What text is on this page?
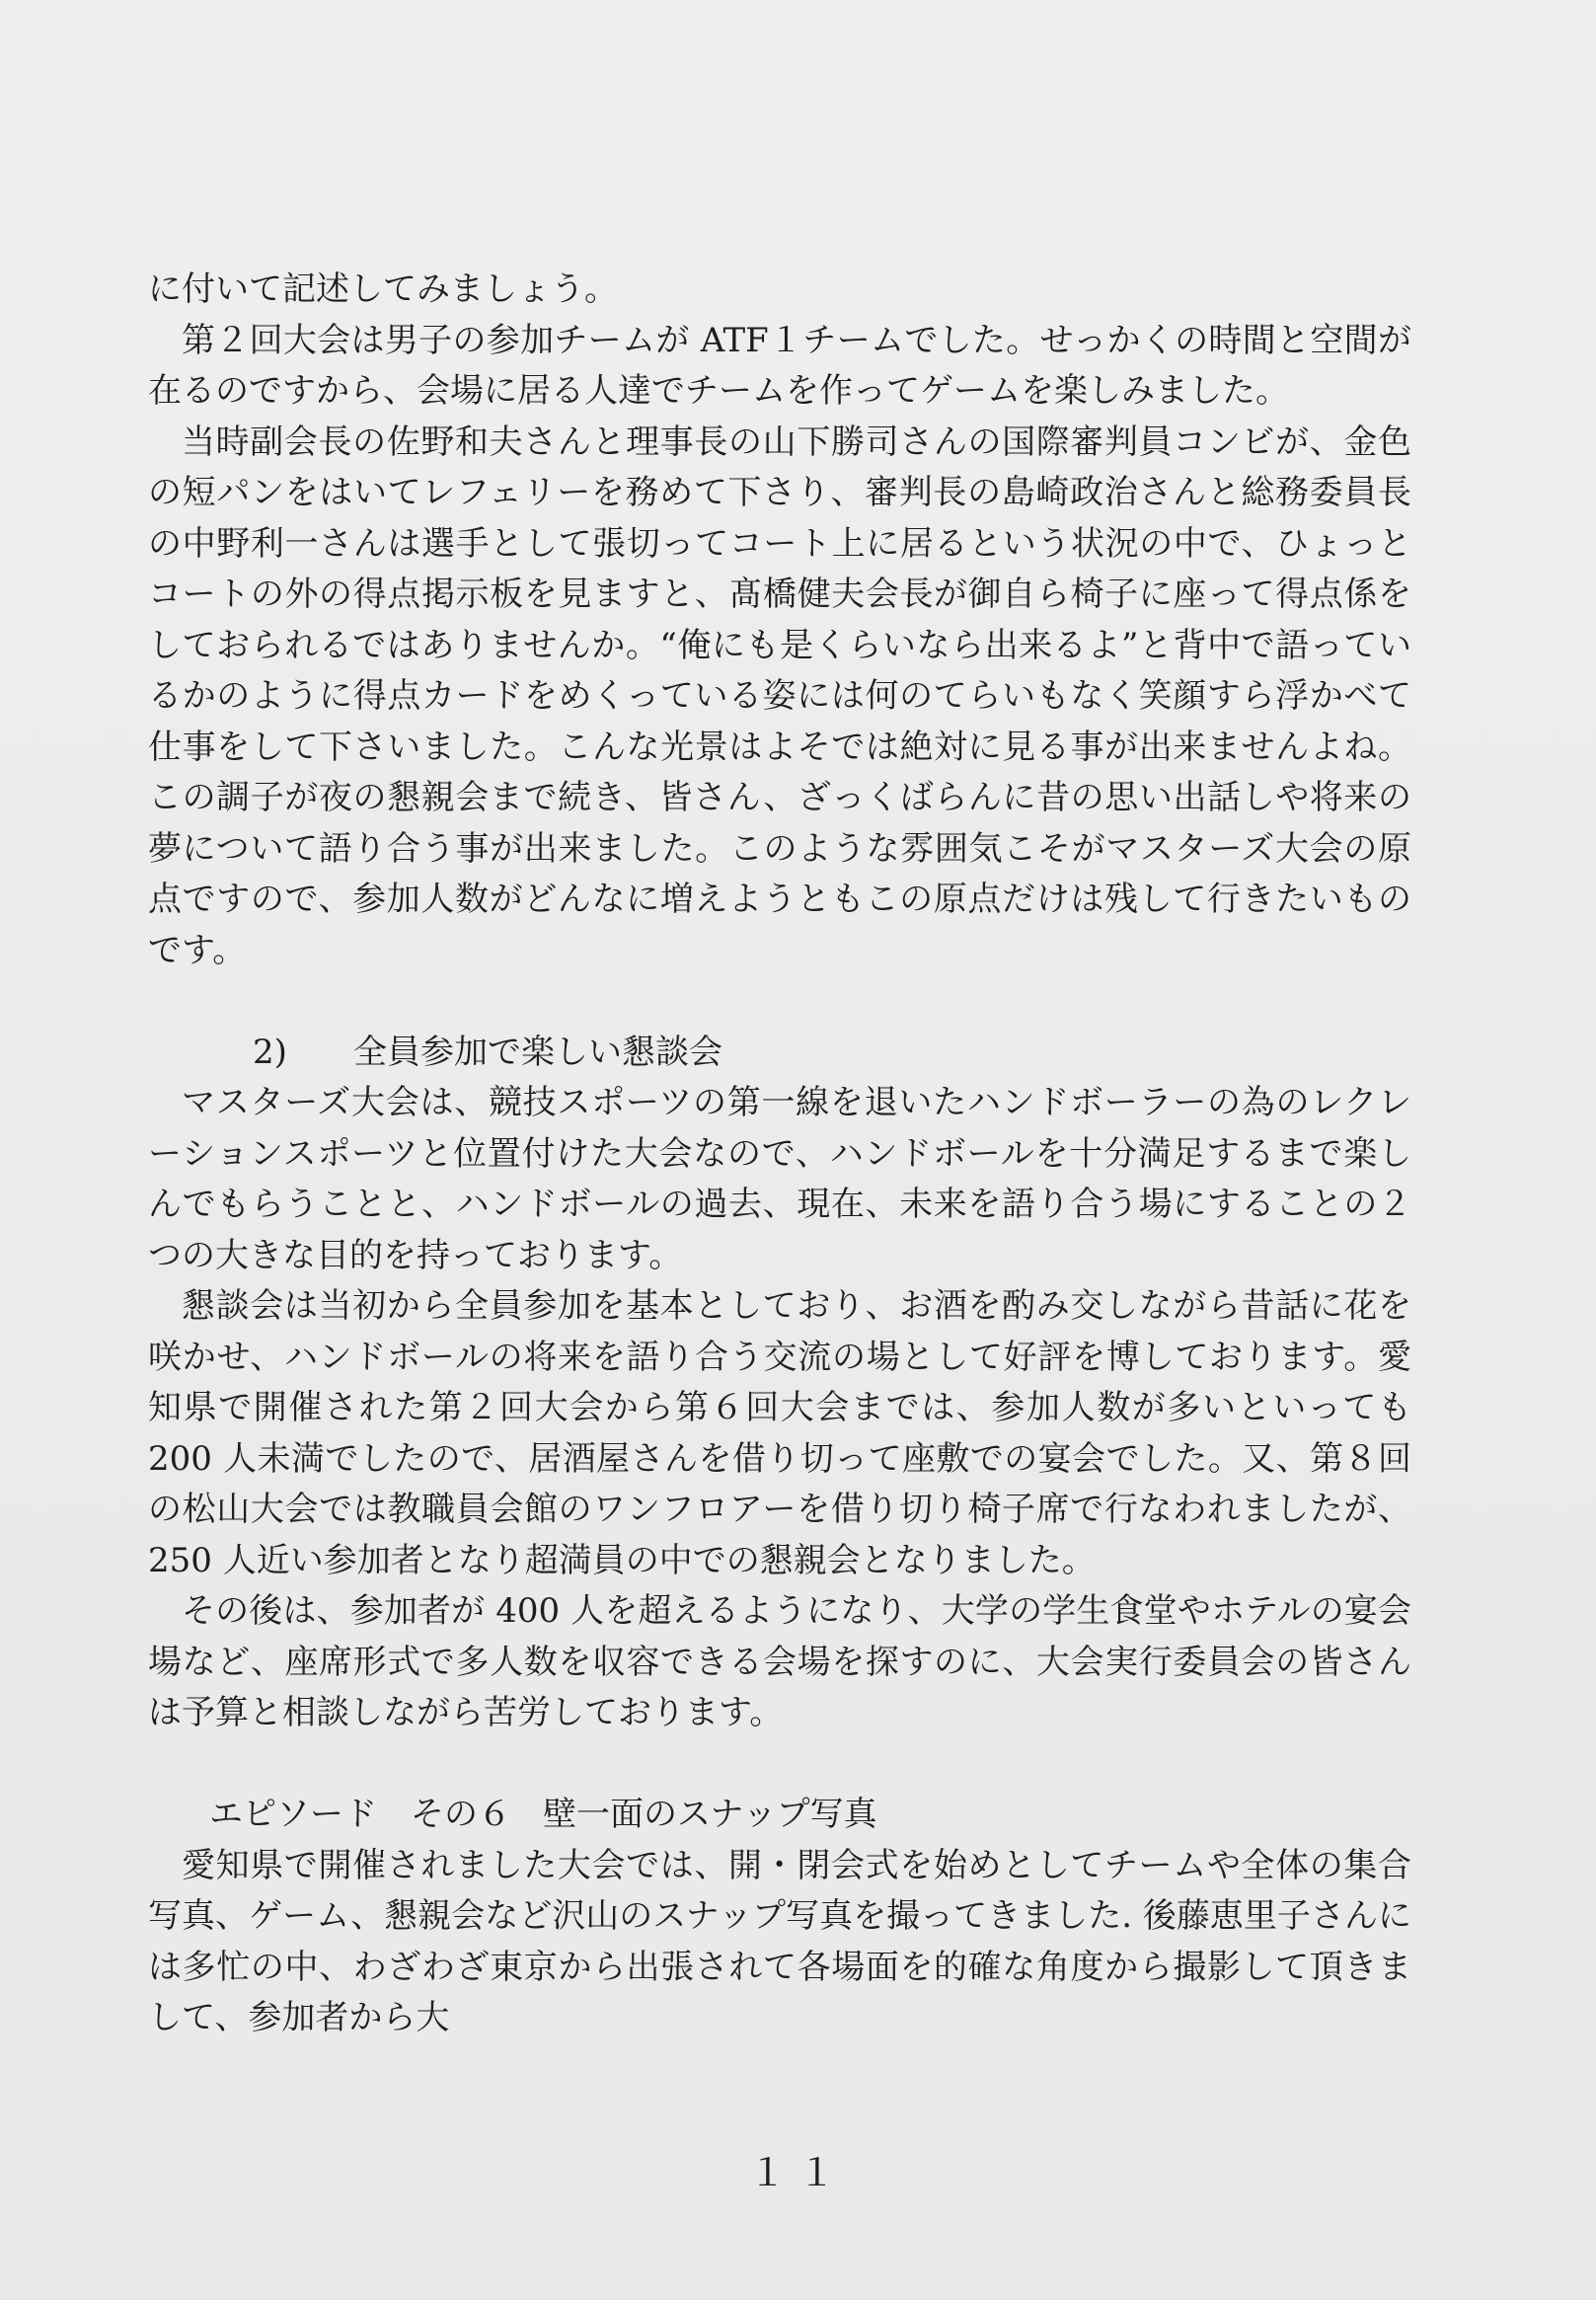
に付いて記述してみましょう。

第２回大会は男子の参加チームが ATF１チームでした。せっかくの時間と空間が在るのですから、会場に居る人達でチームを作ってゲームを楽しみました。

当時副会長の佐野和夫さんと理事長の山下勝司さんの国際審判員コンビが、金色の短パンをはいてレフェリーを務めて下さり、審判長の島崎政治さんと総務委員長の中野利一さんは選手として張切ってコート上に居るという状況の中で、ひょっとコートの外の得点掲示板を見ますと、髙橋健夫会長が御自ら椅子に座って得点係をしておられるではありませんか。“俺にも是くらいなら出来るよ”と背中で語っているかのように得点カードをめくっている姿には何のてらいもなく笑顔すら浮かべて仕事をして下さいました。こんな光景はよそでは絶対に見る事が出来ませんよね。この調子が夜の懇親会まで続き、皆さん、ざっくばらんに昔の思い出話しや将来の夢について語り合う事が出来ました。このような雰囲気こそがマスターズ大会の原点ですので、参加人数がどんなに増えようともこの原点だけは残して行きたいものです。

2) 全員参加で楽しい懇談会

マスターズ大会は、競技スポーツの第一線を退いたハンドボーラーの為のレクレーションスポーツと位置付けた大会なので、ハンドボールを十分満足するまで楽しんでもらうことと、ハンドボールの過去、現在、未来を語り合う場にすることの２つの大きな目的を持っております。

懇談会は当初から全員参加を基本としており、お酒を酌み交しながら昔話に花を咲かせ、ハンドボールの将来を語り合う交流の場として好評を博しております。愛知県で開催された第２回大会から第６回大会までは、参加人数が多いといっても 200 人未満でしたので、居酒屋さんを借り切って座敷での宴会でした。又、第８回の松山大会では教職員会館のワンフロアーを借り切り椅子席で行なわれましたが、250 人近い参加者となり超満員の中での懇親会となりました。

その後は、参加者が 400 人を超えるようになり、大学の学生食堂やホテルの宴会場など、座席形式で多人数を収容できる会場を探すのに、大会実行委員会の皆さんは予算と相談しながら苦労しております。

エピソード　その６ 壁一面のスナップ写真

愛知県で開催されました大会では、開・閉会式を始めとしてチームや全体の集合写真、ゲーム、懇親会など沢山のスナップ写真を撮ってきました. 後藤恵里子さんには多忙の中、わざわざ東京から出張されて各場面を的確な角度から撮影して頂きまして、参加者から大

１１
